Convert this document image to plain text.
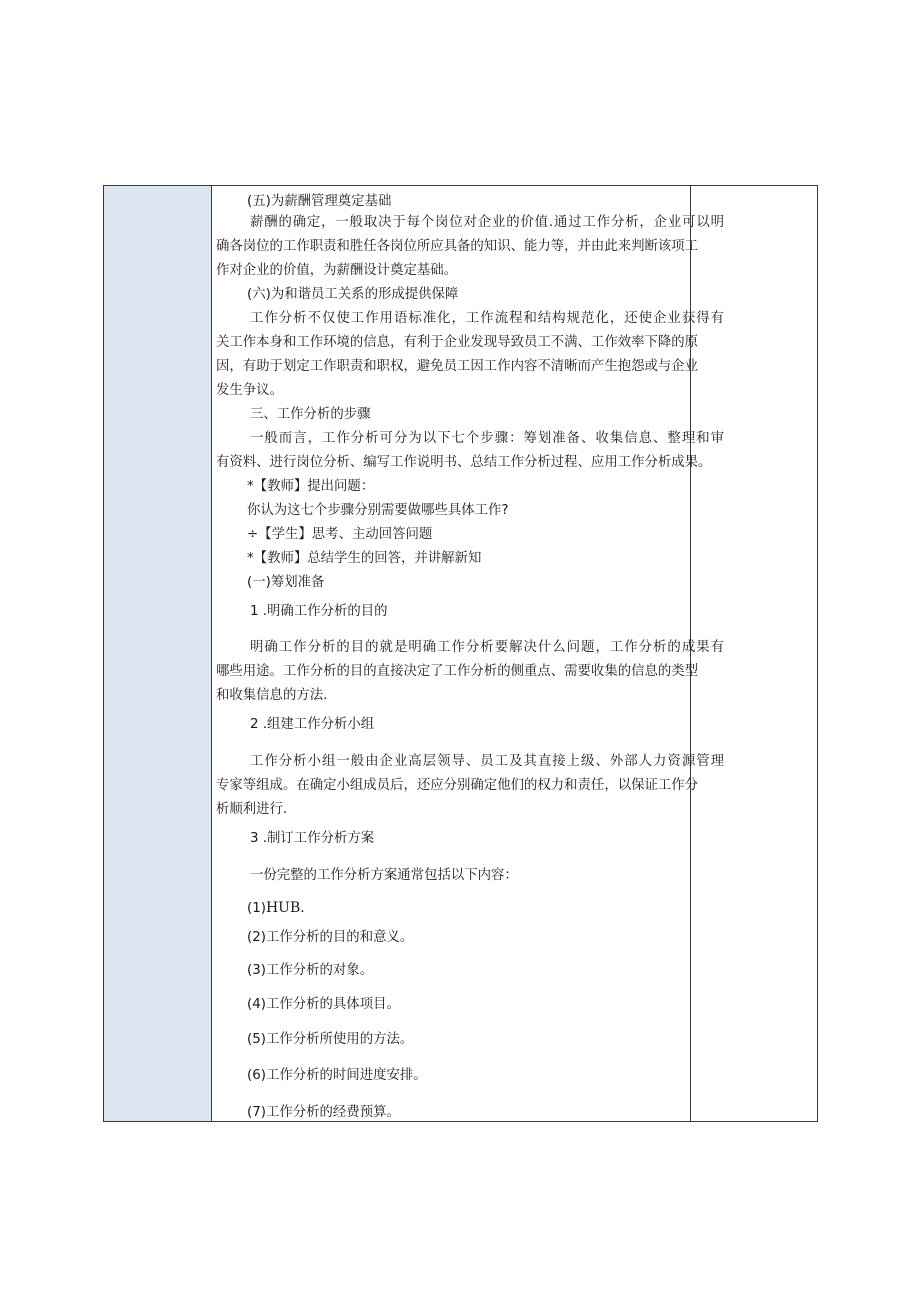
(五)为薪酬管理奠定基础
薪酬的确定，一般取决于每个岗位对企业的价值.通过工作分析，企业可以明
确各岗位的工作职责和胜任各岗位所应具备的知识、能力等，并由此来判断该项工
作对企业的价值，为薪酬设计奠定基础。
(六)为和谐员工关系的形成提供保障
工作分析不仅使工作用语标准化，工作流程和结构规范化，还使企业获得有
关工作本身和工作环境的信息，有利于企业发现导致员工不满、工作效率下降的原
因，有助于划定工作职责和职权，避免员工因工作内容不清晰而产生抱怨或与企业
发生争议。
三、工作分析的步骤
一般而言，工作分析可分为以下七个步骤：筹划准备、收集信息、整理和审
有资料、进行岗位分析、编写工作说明书、总结工作分析过程、应用工作分析成果。
*【教师】提出问题：
你认为这七个步骤分别需要做哪些具体工作?
÷【学生】思考、主动回答问题
*【教师】总结学生的回答，并讲解新知
(一)筹划准备
1 .明确工作分析的目的
明确工作分析的目的就是明确工作分析要解决什么问题，工作分析的成果有
哪些用途。工作分析的目的直接决定了工作分析的侧重点、需要收集的信息的类型
和收集信息的方法.
2 .组建工作分析小组
工作分析小组一般由企业高层领导、员工及其直接上级、外部人力资源管理
专家等组成。在确定小组成员后，还应分别确定他们的权力和责任，以保证工作分
析顺利进行.
3 .制订工作分析方案
一份完整的工作分析方案通常包括以下内容：
(1)HUB.
(2)工作分析的目的和意义。
(3)工作分析的对象。
(4)工作分析的具体项目。
(5)工作分析所使用的方法。
(6)工作分析的时间进度安排。
(7)工作分析的经费预算。
